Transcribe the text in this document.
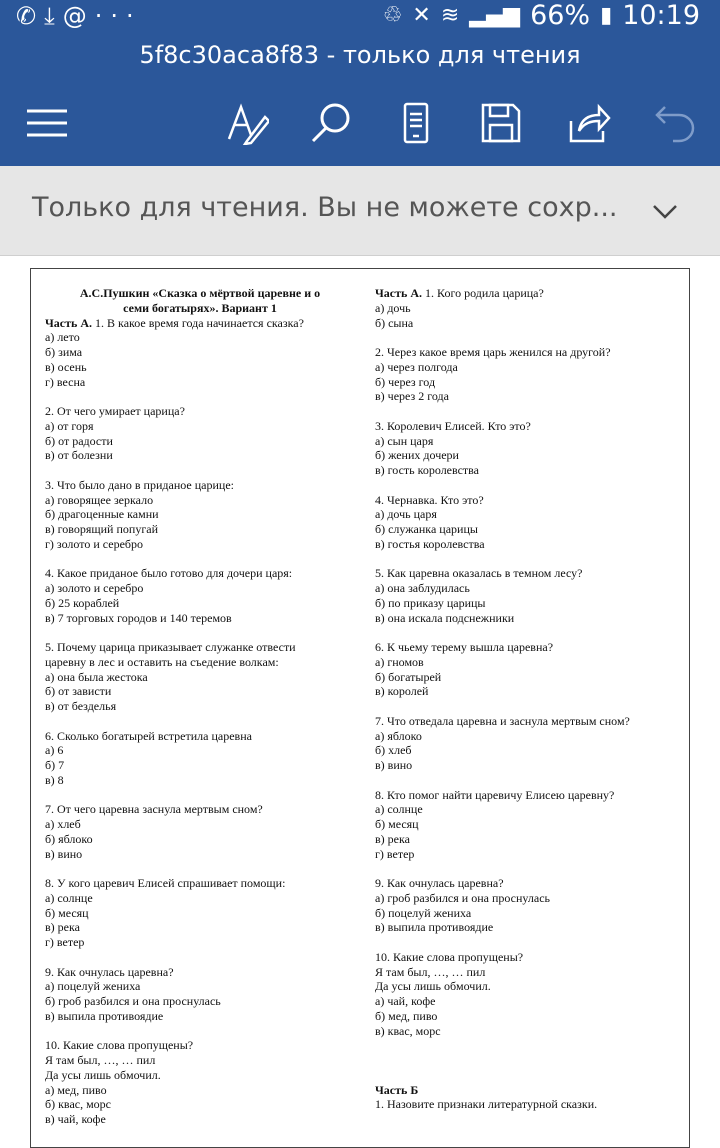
✆⤓@···	♲ ✕ ≋ ▂▄▆ 66% ▮ 10:19
5f8c30aca8f83 - только для чтения
Только для чтения. Вы не можете сохр...
А.С.Пушкин «Сказка о мёртвой царевне и о
семи богатырях». Вариант 1
Часть А. 1. В какое время года начинается сказка?
а) лето
б) зима
в) осень
г) весна
2. От чего умирает царица?
а) от горя
б) от радости
в) от болезни
3. Что было дано в приданое царице:
а) говорящее зеркало
б) драгоценные камни
в) говорящий попугай
г) золото и серебро
4. Какое приданое было готово для дочери царя:
а) золото и серебро
б) 25 кораблей
в) 7 торговых городов и 140 теремов
5. Почему царица приказывает служанке отвести
царевну в лес и оставить на съедение волкам:
а) она была жестока
б) от зависти
в) от безделья
6. Сколько богатырей встретила царевна
а) 6
б) 7
в) 8
7. От чего царевна заснула мертвым сном?
а) хлеб
б) яблоко
в) вино
8. У кого царевич Елисей спрашивает помощи:
а) солнце
б) месяц
в) река
г) ветер
9. Как очнулась царевна?
а) поцелуй жениха
б) гроб разбился и она проснулась
в) выпила противоядие
10. Какие слова пропущены?
Я там был, …, … пил
Да усы лишь обмочил.
а) мед, пиво
б) квас, морс
в) чай, кофе
Часть А. 1. Кого родила царица?
а) дочь
б) сына
2. Через какое время царь женился на другой?
а) через полгода
б) через год
в) через 2 года
3. Королевич Елисей. Кто это?
а) сын царя
б) жених дочери
в) гость королевства
4. Чернавка. Кто это?
а) дочь царя
б) служанка царицы
в) гостья королевства
5. Как царевна оказалась в темном лесу?
а) она заблудилась
б) по приказу царицы
в) она искала подснежники
6. К чьему терему вышла царевна?
а) гномов
б) богатырей
в) королей
7. Что отведала царевна и заснула мертвым сном?
а) яблоко
б) хлеб
в) вино
8. Кто помог найти царевичу Елисею царевну?
а) солнце
б) месяц
в) река
г) ветер
9. Как очнулась царевна?
а) гроб разбился и она проснулась
б) поцелуй жениха
в) выпила противоядие
10. Какие слова пропущены?
Я там был, …, … пил
Да усы лишь обмочил.
а) чай, кофе
б) мед, пиво
в) квас, морс
Часть Б
1. Назовите признаки литературной сказки.
